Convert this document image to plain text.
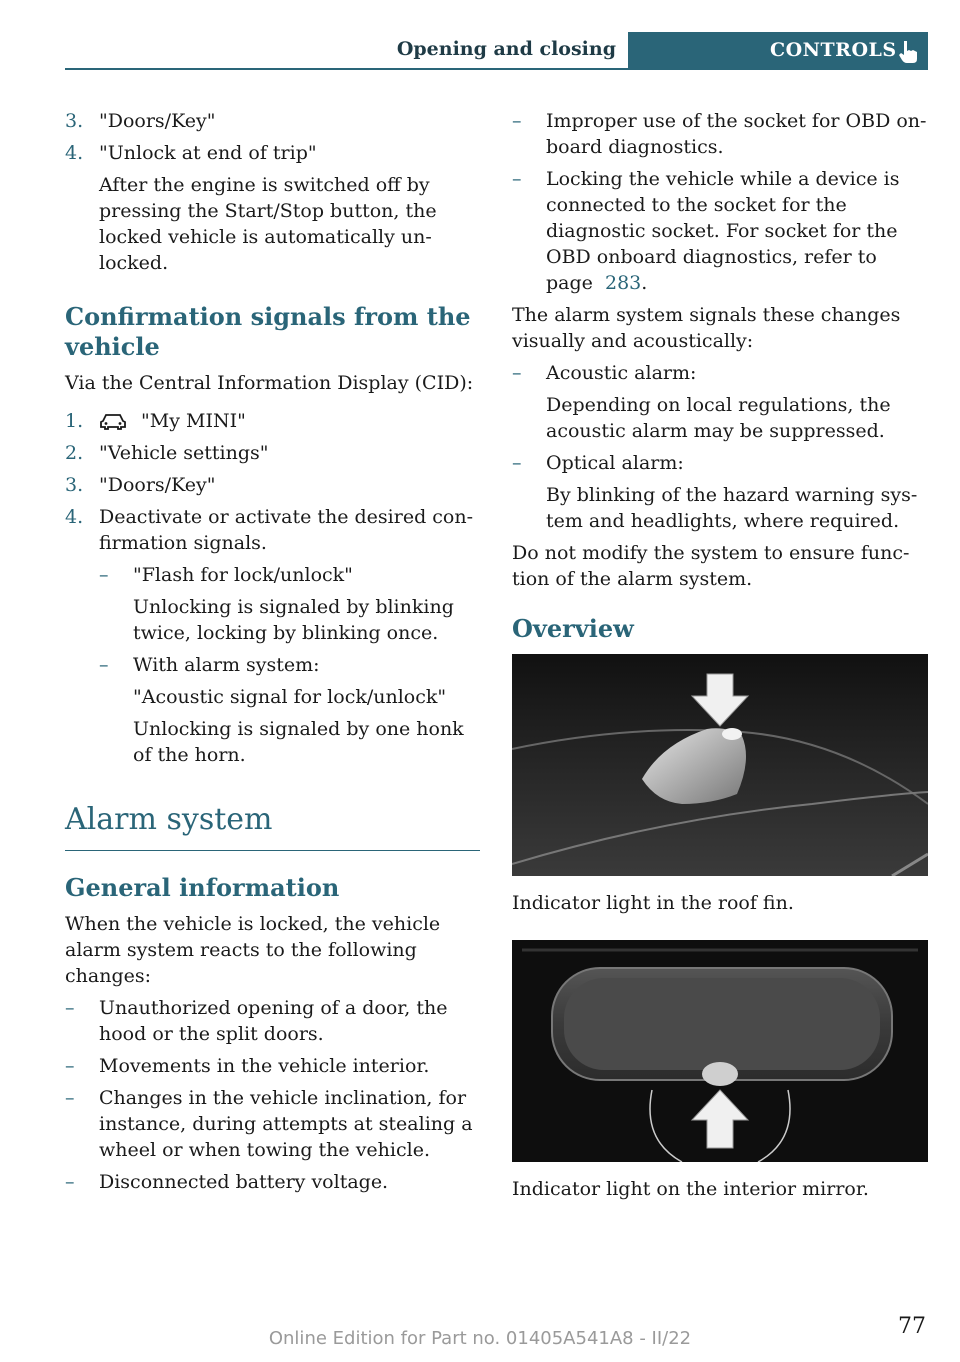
Opening and closing	CONTROLS
3. "Doors/Key"
4. "Unlock at end of trip"
After the engine is switched off by pressing the Start/Stop button, the locked vehicle is automatically unlocked.
Confirmation signals from the vehicle

Via the Central Information Display (CID):

1.	"My MINI"
2. "Vehicle settings"
3. "Doors/Key"
4. Deactivate or activate the desired confirmation signals.
–	"Flash for lock/unlock"
Unlocking is signaled by blinking twice, locking by blinking once.
–	With alarm system:
"Acoustic signal for lock/unlock"
Unlocking is signaled by one honk of the horn.
Alarm system
General information

When the vehicle is locked, the vehicle alarm system reacts to the following changes:

–	Unauthorized opening of a door, the hood or the split doors.
–	Movements in the vehicle interior.
–	Changes in the vehicle inclination, for instance, during attempts at stealing a wheel or when towing the vehicle.
–	Disconnected battery voltage.
–	Improper use of the socket for OBD onboard diagnostics.
–	Locking the vehicle while a device is connected to the socket for the diagnostic socket. For socket for the OBD onboard diagnostics, refer to page 283.

The alarm system signals these changes visually and acoustically:

–	Acoustic alarm:
Depending on local regulations, the acoustic alarm may be suppressed.
–	Optical alarm:
By blinking of the hazard warning system and headlights, where required.

Do not modify the system to ensure function of the alarm system.

Overview

Indicator light in the roof fin.

Indicator light on the interior mirror.

Online Edition for Part no. 01405A541A8 - II/22	77
